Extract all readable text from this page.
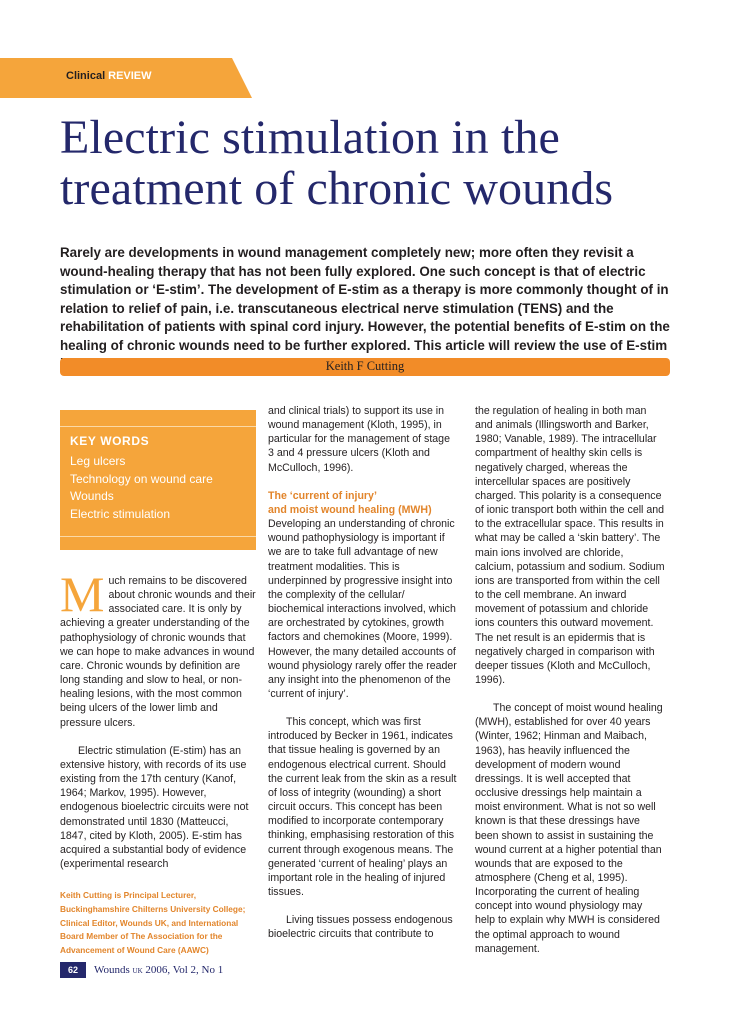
Clinical REVIEW
Electric stimulation in the treatment of chronic wounds

Rarely are developments in wound management completely new; more often they revisit a wound-healing therapy that has not been fully explored. One such concept is that of electric stimulation or ‘E-stim’. The development of E-stim as a therapy is more commonly thought of in relation to relief of pain, i.e. transcutaneous electrical nerve stimulation (TENS) and the rehabilitation of patients with spinal cord injury. However, the potential benefits of E-stim on the healing of chronic wounds need to be further explored. This article will review the use of E-stim

Keith F Cutting
KEY WORDS
Leg ulcers
Technology on wound care
Wounds
Electric stimulation

Much remains to be discovered about chronic wounds and their associated care. It is only by achieving a greater understanding of the pathophysiology of chronic wounds that we can hope to make advances in wound care. Chronic wounds by definition are long standing and slow to heal, or non-healing lesions, with the most common being ulcers of the lower limb and pressure ulcers.

Electric stimulation (E-stim) has an extensive history, with records of its use existing from the 17th century (Kanof, 1964; Markov, 1995). However, endogenous bioelectric circuits were not demonstrated until 1830 (Matteucci, 1847, cited by Kloth, 2005). E-stim has acquired a substantial body of evidence (experimental research

and clinical trials) to support its use in wound management (Kloth, 1995), in particular for the management of stage 3 and 4 pressure ulcers (Kloth and McCulloch, 1996).

The ‘current of injury’
and moist wound healing (MWH)

Developing an understanding of chronic wound pathophysiology is important if we are to take full advantage of new treatment modalities. This is underpinned by progressive insight into the complexity of the cellular/ biochemical interactions involved, which are orchestrated by cytokines, growth factors and chemokines (Moore, 1999). However, the many detailed accounts of wound physiology rarely offer the reader any insight into the phenomenon of the ‘current of injury’.

This concept, which was first introduced by Becker in 1961, indicates that tissue healing is governed by an endogenous electrical current. Should the current leak from the skin as a result of loss of integrity (wounding) a short circuit occurs. This concept has been modified to incorporate contemporary thinking, emphasising restoration of this current through exogenous means. The generated ‘current of healing’ plays an important role in the healing of injured tissues.

Living tissues possess endogenous bioelectric circuits that contribute to

the regulation of healing in both man and animals (Illingsworth and Barker, 1980; Vanable, 1989). The intracellular compartment of healthy skin cells is negatively charged, whereas the intercellular spaces are positively charged. This polarity is a consequence of ionic transport both within the cell and to the extracellular space. This results in what may be called a ‘skin battery’. The main ions involved are chloride, calcium, potassium and sodium. Sodium ions are transported from within the cell to the cell membrane. An inward movement of potassium and chloride ions counters this outward movement. The net result is an epidermis that is negatively charged in comparison with deeper tissues (Kloth and McCulloch, 1996).

The concept of moist wound healing (MWH), established for over 40 years (Winter, 1962; Hinman and Maibach, 1963), has heavily influenced the development of modern wound dressings. It is well accepted that occlusive dressings help maintain a moist environment. What is not so well known is that these dressings have been shown to assist in sustaining the wound current at a higher potential than wounds that are exposed to the atmosphere (Cheng et al, 1995). Incorporating the current of healing concept into wound physiology may help to explain why MWH is considered the optimal approach to wound management.

Keith Cutting is Principal Lecturer, Buckinghamshire Chilterns University College; Clinical Editor, Wounds UK, and International Board Member of The Association for the Advancement of Wound Care (AAWC)
62	Wounds UK 2006, Vol 2, No 1
